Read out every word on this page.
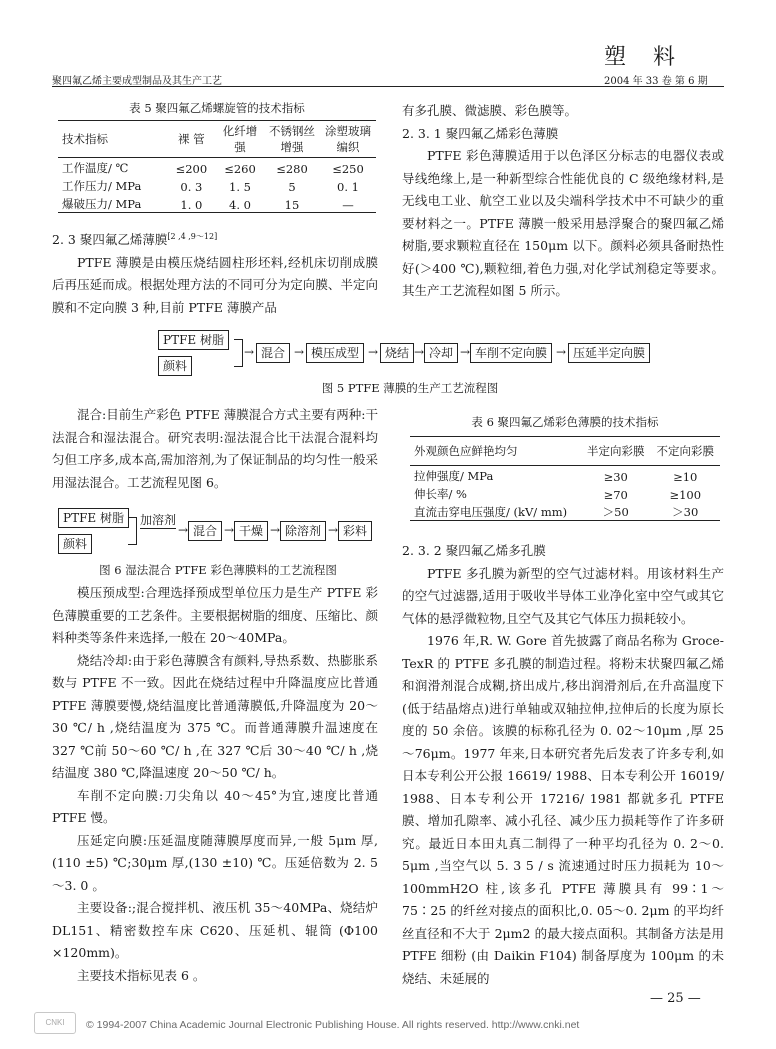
塑 料
聚四氟乙烯主要成型制品及其生产工艺	2004 年 33 卷 第 6 期
表 5 聚四氟乙烯螺旋管的技术指标
技术指标	裸 管	化纤增强	不锈钢丝增强	涂塑玻璃编织
工作温度/ ℃	≤200	≤260	≤280	≤250
工作压力/ MPa	0. 3	1. 5	5	0. 1
爆破压力/ MPa	1. 0	4. 0	15	—

2. 3 聚四氟乙烯薄膜[2 ,4 ,9～12]

PTFE 薄膜是由模压烧结圆柱形坯料,经机床切削成膜后再压延而成。根据处理方法的不同可分为定向膜、半定向膜和不定向膜 3 种,目前 PTFE 薄膜产品

有多孔膜、微滤膜、彩色膜等。

2. 3. 1 聚四氟乙烯彩色薄膜

PTFE 彩色薄膜适用于以色泽区分标志的电器仪表或导线绝缘上,是一种新型综合性能优良的 C 级绝缘材料,是无线电工业、航空工业以及尖端科学技术中不可缺少的重要材料之一。PTFE 薄膜一般采用悬浮聚合的聚四氟乙烯树脂,要求颗粒直径在 150μm 以下。颜料必须具备耐热性好(＞400 ℃),颗粒细,着色力强,对化学试剂稳定等要求。其生产工艺流程如图 5 所示。

PTFE 树脂
颜料
→ 混合 → 模压成型 → 烧结 → 冷却 → 车削不定向膜 → 压延半定向膜
图 5 PTFE 薄膜的生产工艺流程图

混合:目前生产彩色 PTFE 薄膜混合方式主要有两种:干法混合和湿法混合。研究表明:湿法混合比干法混合混料均匀但工序多,成本高,需加溶剂,为了保证制品的均匀性一般采用湿法混合。工艺流程见图 6。

PTFE 树脂
颜料
加溶剂
→ 混合 → 干燥 → 除溶剂 → 彩料
图 6 湿法混合 PTFE 彩色薄膜料的工艺流程图

模压预成型:合理选择预成型单位压力是生产 PTFE 彩色薄膜重要的工艺条件。主要根据树脂的细度、压缩比、颜料种类等条件来选择,一般在 20～40MPa。

烧结冷却:由于彩色薄膜含有颜料,导热系数、热膨胀系数与 PTFE 不一致。因此在烧结过程中升降温度应比普通 PTFE 薄膜要慢,烧结温度比普通薄膜低,升降温度为 20～30 ℃/ h ,烧结温度为 375 ℃。而普通薄膜升温速度在 327 ℃前 50～60 ℃/ h ,在 327 ℃后 30～40 ℃/ h ,烧结温度 380 ℃,降温速度 20～50 ℃/ h。

车削不定向膜:刀尖角以 40～45°为宜,速度比普通 PTFE 慢。

压延定向膜:压延温度随薄膜厚度而异,一般 5μm 厚,(110 ±5) ℃;30μm 厚,(130 ±10) ℃。压延倍数为 2. 5～3. 0 。

主要设备:;混合搅拌机、液压机 35～40MPa、烧结炉 DL151、精密数控车床 C620、压延机、辊筒 (Φ100 ×120mm)。

主要技术指标见表 6 。

表 6 聚四氟乙烯彩色薄膜的技术指标
外观颜色应鲜艳均匀	半定向彩膜	不定向彩膜
拉伸强度/ MPa	≥30	≥10
伸长率/ %	≥70	≥100
直流击穿电压强度/ (kV/ mm)	＞50	＞30

2. 3. 2 聚四氟乙烯多孔膜

PTFE 多孔膜为新型的空气过滤材料。用该材料生产的空气过滤器,适用于吸收半导体工业净化室中空气或其它气体的悬浮微粒物,且空气及其它气体压力损耗较小。

1976 年,R. W. Gore 首先披露了商品名称为 Groce-TexR 的 PTFE 多孔膜的制造过程。将粉末状聚四氟乙烯和润滑剂混合成糊,挤出成片,移出润滑剂后,在升高温度下(低于结晶熔点)进行单轴或双轴拉伸,拉伸后的长度为原长度的 50 余倍。该膜的标称孔径为 0. 02～10μm ,厚 25～76μm。1977 年来,日本研究者先后发表了许多专利,如日本专利公开公报 16619/ 1988、日本专利公开 16019/ 1988、日本专利公开 17216/ 1981 都就多孔 PTFE 膜、增加孔隙率、减小孔径、减少压力损耗等作了许多研究。最近日本田丸真二制得了一种平均孔径为 0. 2～0. 5μm ,当空气以 5. 3 5 / s 流速通过时压力损耗为 10～100mmH2O 柱,该多孔 PTFE 薄膜具有 99∶1～75∶25 的纤丝对接点的面积比,0. 05～0. 2μm 的平均纤丝直径和不大于 2μm2 的最大接点面积。其制备方法是用 PTFE 细粉 (由 Daikin F104) 制备厚度为 100μm 的未烧结、未延展的

— 25 —
CNKI	© 1994-2007 China Academic Journal Electronic Publishing House. All rights reserved. http://www.cnki.net
